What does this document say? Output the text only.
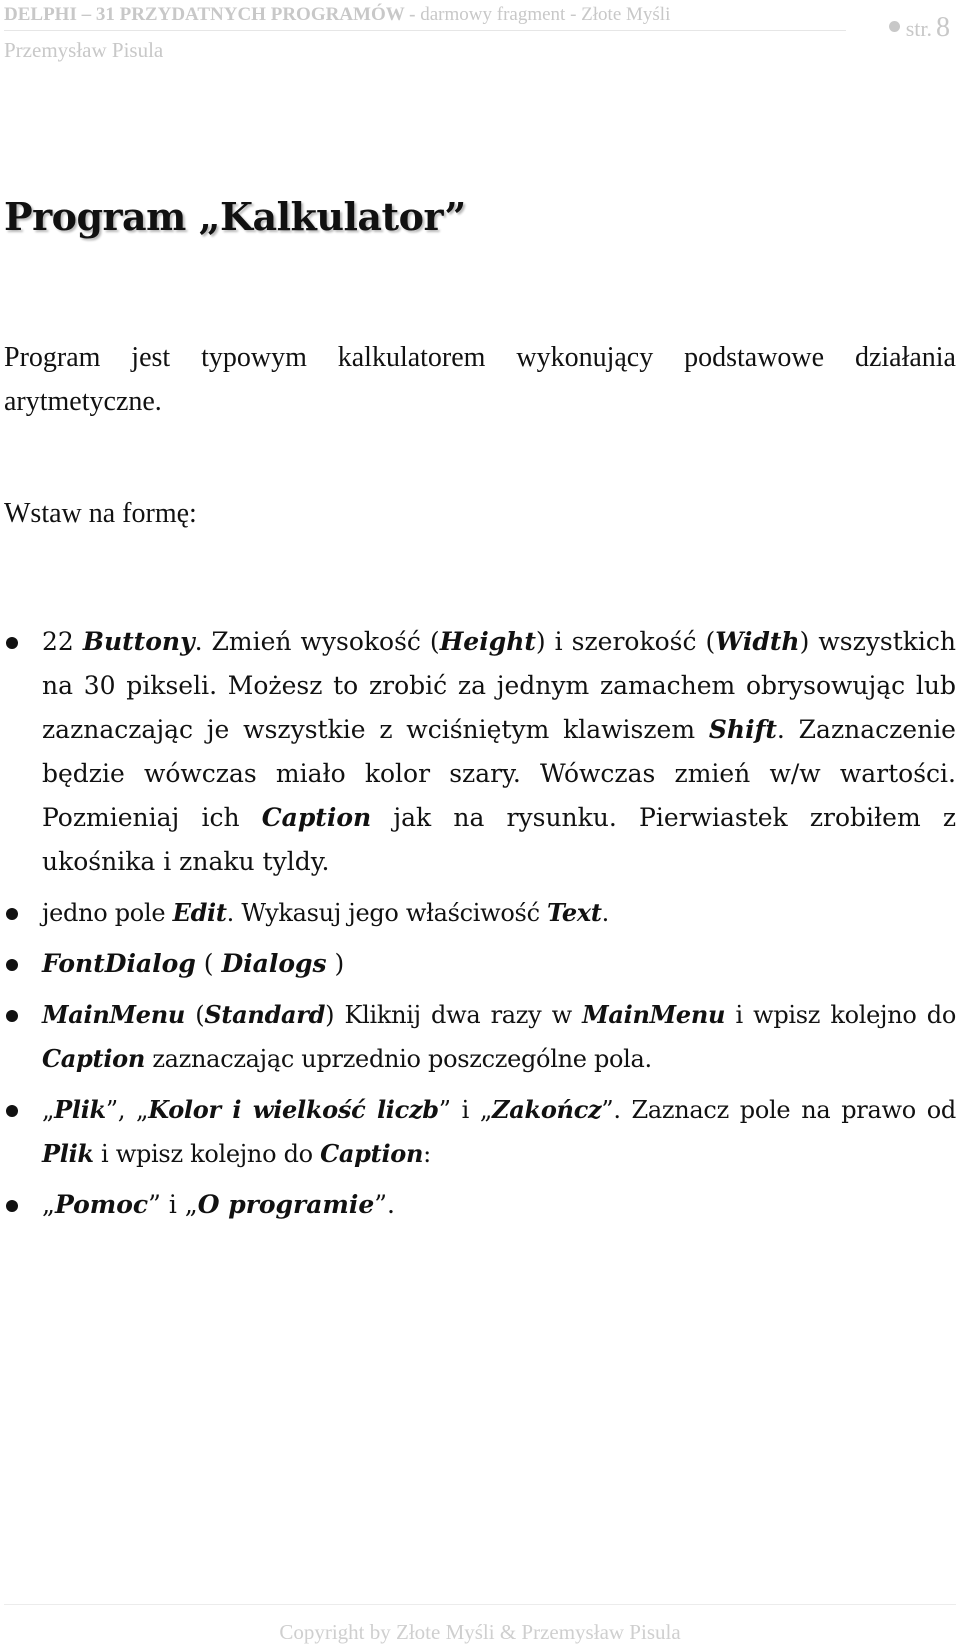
DELPHI – 31 PRZYDATNYCH PROGRAMÓW - darmowy fragment - Złote Myśli
Przemysław Pisula
str. 8
Program „Kalkulator”

Program jest typowym kalkulatorem wykonujący podstawowe działania arytmetyczne.

Wstaw na formę:

22 Buttony. Zmień wysokość (Height) i szerokość (Width) wszystkich na 30 pikseli. Możesz to zrobić za jednym zamachem obrysowując lub zaznaczając je wszystkie z wciśniętym klawiszem Shift. Zaznaczenie będzie wówczas miało kolor szary. Wówczas zmień w/w wartości. Pozmieniaj ich Caption jak na rysunku. Pierwiastek zrobiłem z ukośnika i znaku tyldy.
jedno pole Edit. Wykasuj jego właściwość Text.
FontDialog ( Dialogs )
MainMenu (Standard) Kliknij dwa razy w MainMenu i wpisz kolejno do Caption zaznaczając uprzednio poszczególne pola.
„Plik”, „Kolor i wielkość liczb” i „Zakończ”. Zaznacz pole na prawo od Plik i wpisz kolejno do Caption:
„Pomoc” i „O programie”.
Copyright by Złote Myśli & Przemysław Pisula
